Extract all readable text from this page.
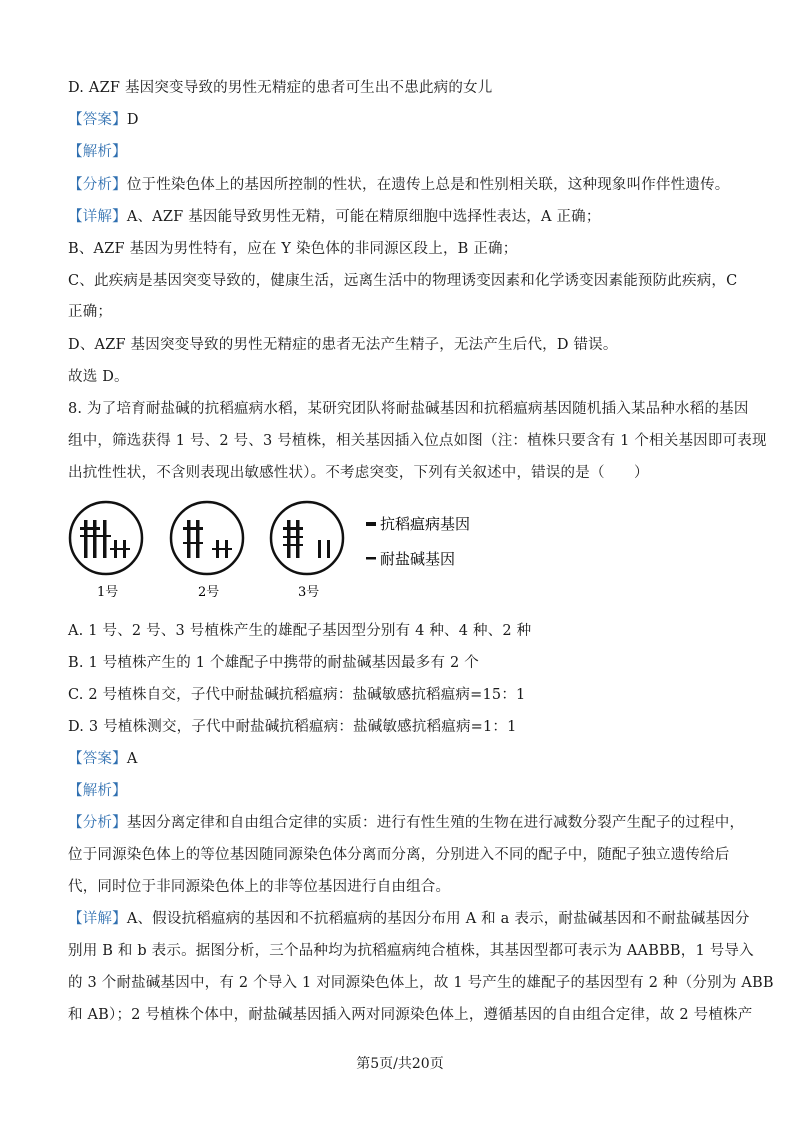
D. AZF 基因突变导致的男性无精症的患者可生出不患此病的女儿
【答案】D
【解析】
【分析】位于性染色体上的基因所控制的性状，在遗传上总是和性别相关联，这种现象叫作伴性遗传。
【详解】A、AZF 基因能导致男性无精，可能在精原细胞中选择性表达，A 正确；
B、AZF 基因为男性特有，应在 Y 染色体的非同源区段上，B 正确；
C、此疾病是基因突变导致的，健康生活，远离生活中的物理诱变因素和化学诱变因素能预防此疾病，C
正确；
D、AZF 基因突变导致的男性无精症的患者无法产生精子，无法产生后代，D 错误。
故选 D。
8. 为了培育耐盐碱的抗稻瘟病水稻，某研究团队将耐盐碱基因和抗稻瘟病基因随机插入某品种水稻的基因
组中，筛选获得 1 号、2 号、3 号植株，相关基因插入位点如图（注：植株只要含有 1 个相关基因即可表现
出抗性性状，不含则表现出敏感性状）。不考虑突变，下列有关叙述中，错误的是（　　）
1号	2号	3号
抗稻瘟病基因
耐盐碱基因
A. 1 号、2 号、3 号植株产生的雄配子基因型分别有 4 种、4 种、2 种
B. 1 号植株产生的 1 个雄配子中携带的耐盐碱基因最多有 2 个
C. 2 号植株自交，子代中耐盐碱抗稻瘟病：盐碱敏感抗稻瘟病=15：1
D. 3 号植株测交，子代中耐盐碱抗稻瘟病：盐碱敏感抗稻瘟病=1：1
【答案】A
【解析】
【分析】基因分离定律和自由组合定律的实质：进行有性生殖的生物在进行减数分裂产生配子的过程中，
位于同源染色体上的等位基因随同源染色体分离而分离，分别进入不同的配子中，随配子独立遗传给后
代，同时位于非同源染色体上的非等位基因进行自由组合。
【详解】A、假设抗稻瘟病的基因和不抗稻瘟病的基因分布用 A 和 a 表示，耐盐碱基因和不耐盐碱基因分
别用 B 和 b 表示。据图分析，三个品种均为抗稻瘟病纯合植株，其基因型都可表示为 AABBB，1 号导入
的 3 个耐盐碱基因中，有 2 个导入 1 对同源染色体上，故 1 号产生的雄配子的基因型有 2 种（分别为 ABB
和 AB）；2 号植株个体中，耐盐碱基因插入两对同源染色体上，遵循基因的自由组合定律，故 2 号植株产
第5页/共20页
